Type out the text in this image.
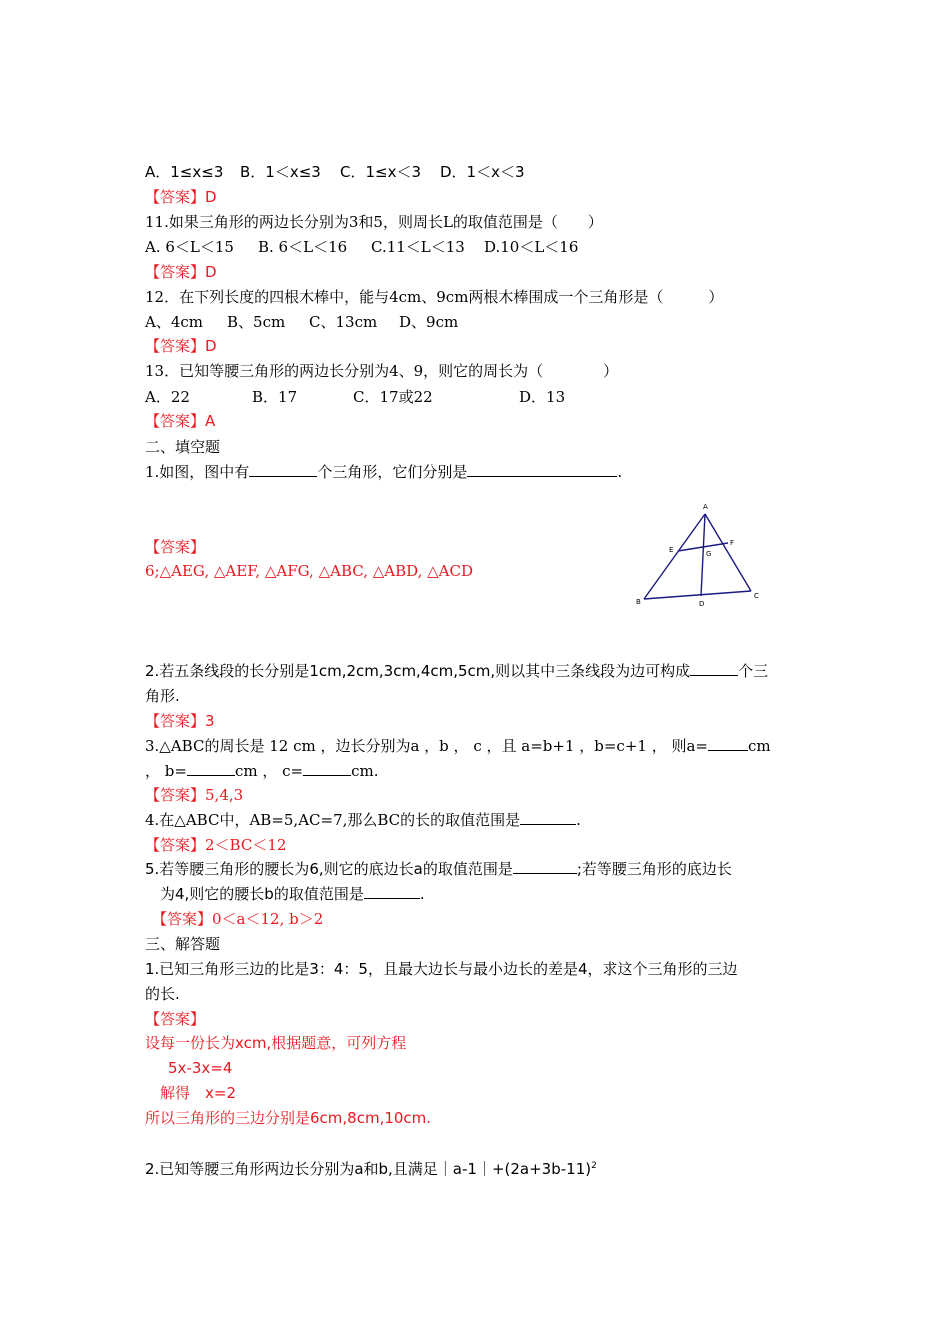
A．1≤x≤3 B．1＜x≤3 C．1≤x＜3 D．1＜x＜3
【答案】D
11.如果三角形的两边长分别为3和5，则周长L的取值范围是（　　）
A. 6＜L＜15 B. 6＜L＜16 C.11＜L＜13 D.10＜L＜16
【答案】D
12．在下列长度的四根木棒中，能与4cm、9cm两根木棒围成一个三角形是（　　　）
A、4cm B、5cm C、13cm D、9cm
【答案】D
13．已知等腰三角形的两边长分别为4、9，则它的周长为（　　　　）
A．22	B．17	C．17或22	D．13
【答案】A
二、填空题
1.如图，图中有	个三角形，它们分别是	.
【答案】
6;△AEG, △AEF, △AFG, △ABC, △ABD, △ACD
A
B
C
D
E
F
G
2.若五条线段的长分别是1cm,2cm,3cm,4cm,5cm,则以其中三条线段为边可构成	个三
角形.
【答案】3
3.△ABC的周长是 12 cm ，边长分别为a ，b ， c ，且 a=b+1 ，b=c+1 ， 则a=	cm
， b=	cm ， c=	cm.
【答案】5,4,3
4.在△ABC中，AB=5,AC=7,那么BC的长的取值范围是	.
【答案】2＜BC＜12
5.若等腰三角形的腰长为6,则它的底边长a的取值范围是	;若等腰三角形的底边长
为4,则它的腰长b的取值范围是	.
【答案】0＜a＜12, b＞2
三、解答题
1.已知三角形三边的比是3：4：5，且最大边长与最小边长的差是4，求这个三角形的三边
的长.
【答案】
设每一份长为xcm,根据题意，可列方程
5x-3x=4
解得　x=2
所以三角形的三边分别是6cm,8cm,10cm.
2.已知等腰三角形两边长分别为a和b,且满足$|a-1|+(2a+3b-11)^2$
